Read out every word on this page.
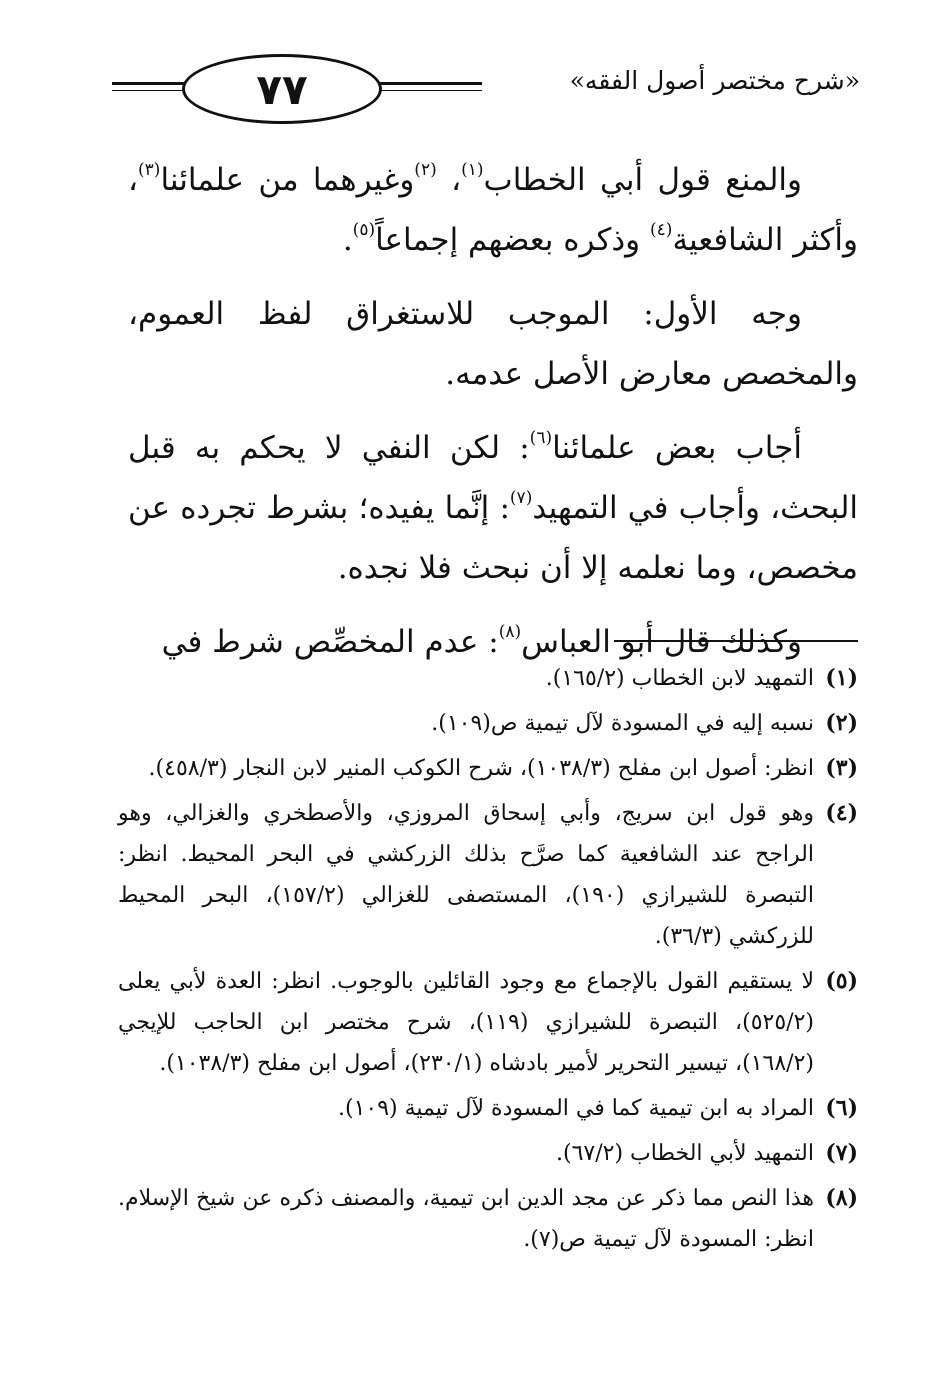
٧٧	«شرح مختصر أصول الفقه»

والمنع قول أبي الخطاب$^{(١)}$، $^{(٢)}$وغيرهما من علمائنا$^{(٣)}$، وأكثر الشافعية$^{(٤)}$ وذكره بعضهم إجماعاً$^{(٥)}$.

وجه الأول: الموجب للاستغراق لفظ العموم، والمخصص معارض الأصل عدمه.

أجاب بعض علمائنا$^{(٦)}$: لكن النفي لا يحكم به قبل البحث، وأجاب في التمهيد$^{(٧)}$: إنَّما يفيده؛ بشرط تجرده عن مخصص، وما نعلمه إلا أن نبحث فلا نجده.

وكذلك قال أبو العباس$^{(٨)}$: عدم المخصِّص شرط في

(١)
التمهيد لابن الخطاب (١٦٥/٢).
(٢)
نسبه إليه في المسودة لآل تيمية ص(١٠٩).
(٣)
انظر: أصول ابن مفلح (١٠٣٨/٣)، شرح الكوكب المنير لابن النجار (٤٥٨/٣).
(٤)
وهو قول ابن سريج، وأبي إسحاق المروزي، والأصطخري والغزالي، وهو الراجح عند الشافعية كما صرَّح بذلك الزركشي في البحر المحيط. انظر: التبصرة للشيرازي (١٩٠)، المستصفى للغزالي (١٥٧/٢)، البحر المحيط للزركشي (٣٦/٣).
(٥)
لا يستقيم القول بالإجماع مع وجود القائلين بالوجوب. انظر: العدة لأبي يعلى (٥٢٥/٢)، التبصرة للشيرازي (١١٩)، شرح مختصر ابن الحاجب للإيجي (١٦٨/٢)، تيسير التحرير لأمير بادشاه (٢٣٠/١)، أصول ابن مفلح (١٠٣٨/٣).
(٦)
المراد به ابن تيمية كما في المسودة لآل تيمية (١٠٩).
(٧)
التمهيد لأبي الخطاب (٦٧/٢).
(٨)
هذا النص مما ذكر عن مجد الدين ابن تيمية، والمصنف ذكره عن شيخ الإسلام. انظر: المسودة لآل تيمية ص(٧).
